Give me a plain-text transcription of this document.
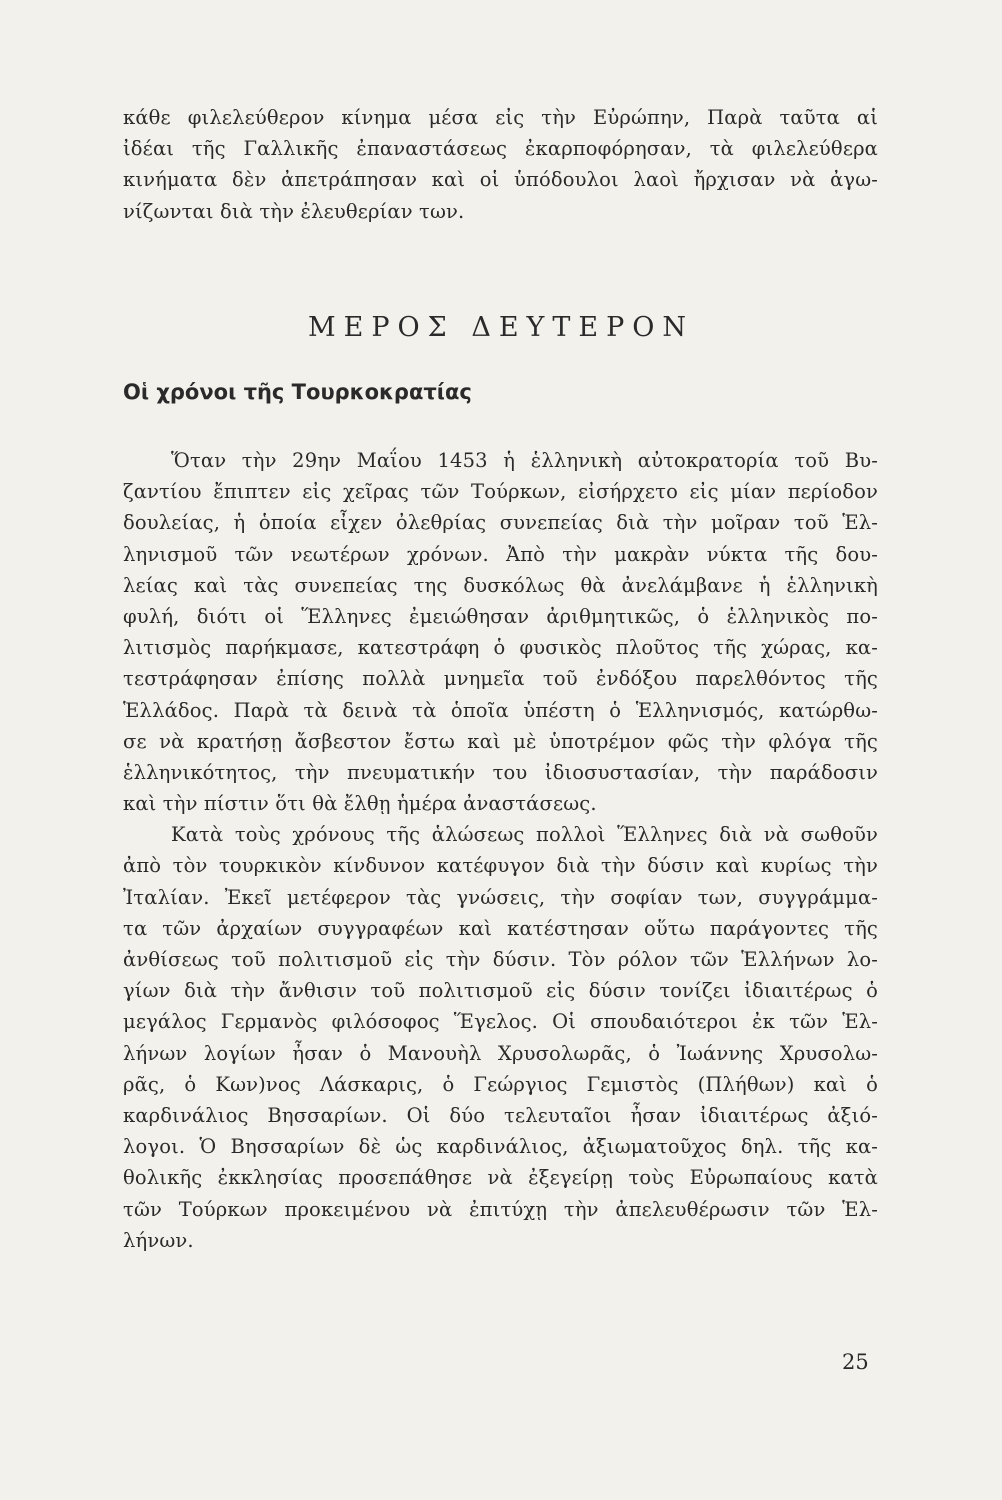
κάθε φιλελεύθερον κίνημα μέσα εἰς τὴν Εὐρώπην, Παρὰ ταῦτα αἱ
ἰδέαι τῆς Γαλλικῆς ἐπαναστάσεως ἐκαρποφόρησαν, τὰ φιλελεύθερα
κινήματα δὲν ἀπετράπησαν καὶ οἱ ὑπόδουλοι λαοὶ ἤρχισαν νὰ ἀγω-
νίζωνται διὰ τὴν ἐλευθερίαν των.
ΜΕΡΟΣ ΔΕΥΤΕΡΟΝ
Οἱ χρόνοι τῆς Τουρκοκρατίας
Ὅταν τὴν 29ην Μαΐου 1453 ἡ ἑλληνικὴ αὐτοκρατορία τοῦ Βυ-
ζαντίου ἔπιπτεν εἰς χεῖρας τῶν Τούρκων, εἰσήρχετο εἰς μίαν περίοδον
δουλείας, ἡ ὁποία εἶχεν ὀλεθρίας συνεπείας διὰ τὴν μοῖραν τοῦ Ἑλ-
ληνισμοῦ τῶν νεωτέρων χρόνων. Ἀπὸ τὴν μακρὰν νύκτα τῆς δου-
λείας καὶ τὰς συνεπείας της δυσκόλως θὰ ἀνελάμβανε ἡ ἑλληνικὴ
φυλή, διότι οἱ Ἕλληνες ἐμειώθησαν ἀριθμητικῶς, ὁ ἑλληνικὸς πο-
λιτισμὸς παρήκμασε, κατεστράφη ὁ φυσικὸς πλοῦτος τῆς χώρας, κα-
τεστράφησαν ἐπίσης πολλὰ μνημεῖα τοῦ ἐνδόξου παρελθόντος τῆς
Ἑλλάδος. Παρὰ τὰ δεινὰ τὰ ὁποῖα ὑπέστη ὁ Ἑλληνισμός, κατώρθω-
σε νὰ κρατήσῃ ἄσβεστον ἔστω καὶ μὲ ὑποτρέμον φῶς τὴν φλόγα τῆς
ἑλληνικότητος, τὴν πνευματικήν του ἰδιοσυστασίαν, τὴν παράδοσιν
καὶ τὴν πίστιν ὅτι θὰ ἔλθῃ ἡμέρα ἀναστάσεως.
Κατὰ τοὺς χρόνους τῆς ἁλώσεως πολλοὶ Ἕλληνες διὰ νὰ σωθοῦν
ἀπὸ τὸν τουρκικὸν κίνδυνον κατέφυγον διὰ τὴν δύσιν καὶ κυρίως τὴν
Ἰταλίαν. Ἐκεῖ μετέφερον τὰς γνώσεις, τὴν σοφίαν των, συγγράμμα-
τα τῶν ἀρχαίων συγγραφέων καὶ κατέστησαν οὕτω παράγοντες τῆς
ἀνθίσεως τοῦ πολιτισμοῦ εἰς τὴν δύσιν. Τὸν ρόλον τῶν Ἑλλήνων λο-
γίων διὰ τὴν ἄνθισιν τοῦ πολιτισμοῦ εἰς δύσιν τονίζει ἰδιαιτέρως ὁ
μεγάλος Γερμανὸς φιλόσοφος Ἕγελος. Οἱ σπουδαιότεροι ἐκ τῶν Ἑλ-
λήνων λογίων ἦσαν ὁ Μανουὴλ Χρυσολωρᾶς, ὁ Ἰωάννης Χρυσολω-
ρᾶς, ὁ Κων)νος Λάσκαρις, ὁ Γεώργιος Γεμιστὸς (Πλήθων) καὶ ὁ
καρδινάλιος Βησσαρίων. Οἱ δύο τελευταῖοι ἦσαν ἰδιαιτέρως ἀξιό-
λογοι. Ὁ Βησσαρίων δὲ ὡς καρδινάλιος, ἀξιωματοῦχος δηλ. τῆς κα-
θολικῆς ἐκκλησίας προσεπάθησε νὰ ἐξεγείρῃ τοὺς Εὐρωπαίους κατὰ
τῶν Τούρκων προκειμένου νὰ ἐπιτύχῃ τὴν ἀπελευθέρωσιν τῶν Ἑλ-
λήνων.
25
